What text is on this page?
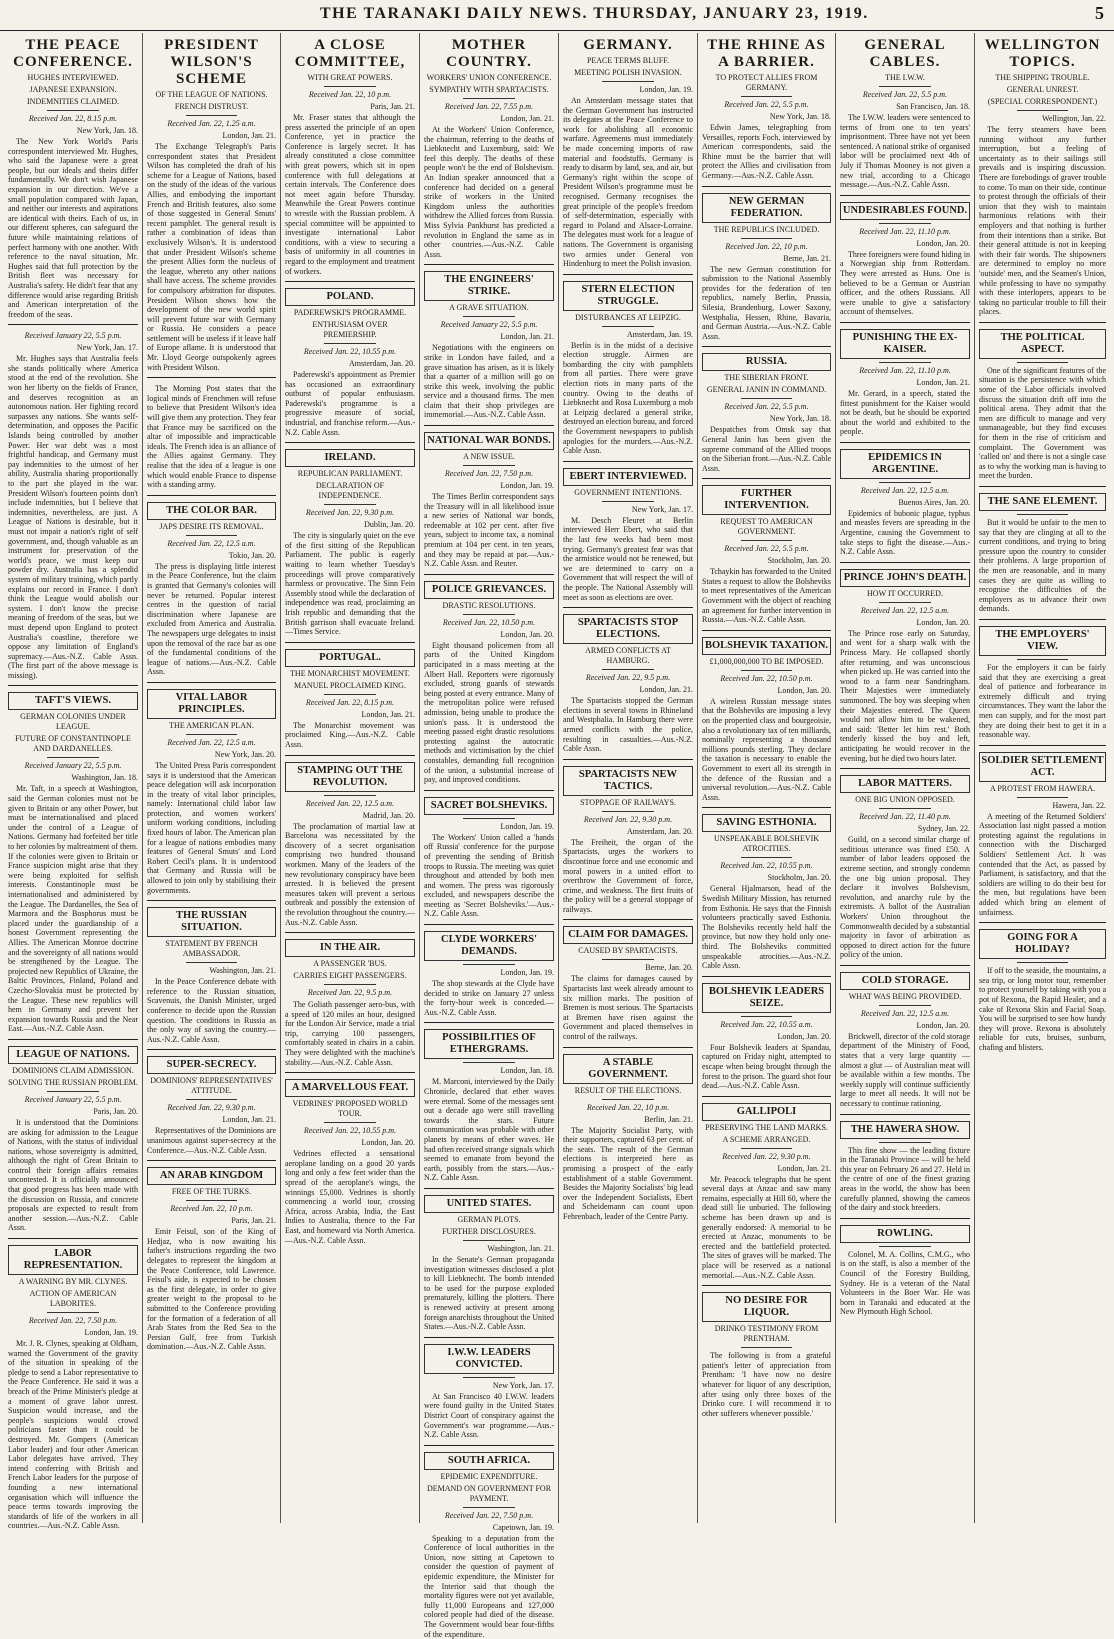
THE TARANAKI DAILY NEWS. THURSDAY, JANUARY 23, 1919.	5
THE PEACE CONFERENCE.
HUGHES INTERVIEWED.
JAPANESE EXPANSION.
INDEMNITIES CLAIMED.
Received Jan. 22, 8.15 p.m.
New York, Jan. 18.

The New York World's Paris correspondent interviewed Mr. Hughes, who said the Japanese were a great people, but our ideals and theirs differ fundamentally. We don't wish Japanese expansion in our direction. We've a small population compared with Japan, and neither our interests and aspirations are identical with theirs. Each of us, in our different spheres, can safeguard the future while maintaining relations of perfect harmony with one another. With reference to the naval situation, Mr. Hughes said that full protection by the British fleet was necessary for Australia's safety. He didn't fear that any difference would arise regarding British and American interpretation of the freedom of the seas.

Received January 22, 5.5 p.m.
New York, Jan. 17.

Mr. Hughes says that Australia feels she stands politically where America stood at the end of the revolution. She won her liberty on the fields of France, and deserves recognition as an autonomous nation. Her fighting record surpasses any nations. She wants self-determination, and opposes the Pacific Islands being controlled by another Power. Her war debt was a most frightful handicap, and Germany must pay indemnities to the utmost of her ability, Australia sharing proportionally to the part she played in the war. President Wilson's fourteen points don't include indemnities, but I believe that indemnities, nevertheless, are just. A League of Nations is desirable, but it must not impair a nation's right of self government, and, though valuable as an instrument for preservation of the world's peace, we must keep our powder dry. Australia has a splendid system of military training, which partly explains our record in France. I don't think the League would abolish our system. I don't know the precise meaning of freedom of the seas, but we must depend upon England to protect Australia's coastline, therefore we oppose any limitation of England's supremacy.—Aus.-N.Z. Cable Assn. (The first part of the above message is missing).

TAFT'S VIEWS.
GERMAN COLONIES UNDER LEAGUE.
FUTURE OF CONSTANTINOPLE AND DARDANELLES.
Received January 22, 5.5 p.m.
Washington, Jan. 18.

Mr. Taft, in a speech at Washington, said the German colonies must not be given to Britain or any other Power, but must be internationalised and placed under the control of a League of Nations. Germany had forfeited her title to her colonies by maltreatment of them. If the colonies were given to Britain or France suspicion might arise that they were being exploited for selfish interests. Constantinople must be internationalised and administered by the League. The Dardanelles, the Sea of Marmora and the Bosphorus must be placed under the guardianship of a honest Government representing the Allies. The American Monroe doctrine and the sovereignty of all nations would be strengthened by the League. The projected new Republics of Ukraine, the Baltic Provinces, Finland, Poland and Czecho-Slovakia must be protected by the League. These new republics will hem in Germany and prevent her expansion towards Russia and the Near East.—Aus.-N.Z. Cable Assn.

LEAGUE OF NATIONS.
DOMINIONS CLAIM ADMISSION.
SOLVING THE RUSSIAN PROBLEM.
Received January 22, 5.5 p.m.
Paris, Jan. 20.

It is understood that the Dominions are asking for admission to the League of Nations, with the status of individual nations, whose sovereignty is admitted, although the right of Great Britain to control their foreign affairs remains uncontested. It is officially announced that good progress has been made with the discussion on Russia, and concrete proposals are expected to result from another session.—Aus.-N.Z. Cable Assn.

LABOR REPRESENTATION.
A WARNING BY MR. CLYNES.
ACTION OF AMERICAN LABORITES.
Received Jan. 22, 7.50 p.m.
London, Jan. 19.

Mr. J. R. Clynes, speaking at Oldham, warned the Government of the gravity of the situation in speaking of the pledge to send a Labor representative to the Peace Conference. He said it was a breach of the Prime Minister's pledge at a moment of grave labor unrest. Suspicion would increase, and the people's suspicions would crowd politicians faster than it could be destroyed. Mr. Gompers (American Labor leader) and four other American Labor delegates have arrived. They intend conferring with British and French Labor leaders for the purpose of founding a new international organisation which will influence the peace terms towards improving the standards of life of the workers in all countries.—Aus.-N.Z. Cable Assn.

PRESIDENT WILSON'S SCHEME
OF THE LEAGUE OF NATIONS.
FRENCH DISTRUST.
Received Jan. 22, 1.25 a.m.
London, Jan. 21.

The Exchange Telegraph's Paris correspondent states that President Wilson has completed the draft of his scheme for a League of Nations, based on the study of the ideas of the various Allies, and embodying the important French and British features, also some of those suggested in General Smuts' recent pamphlet. The general result is rather a combination of ideas than exclusively Wilson's. It is understood that under President Wilson's scheme the present Allies form the nucleus of the league, whereto any other nations shall have access. The scheme provides for compulsory arbitration for disputes. President Wilson shows how the development of the new world spirit will prevent future war with Germany or Russia. He considers a peace settlement will be useless if it leave half of Europe aflame. It is understood that Mr. Lloyd George outspokenly agrees with President Wilson.

The Morning Post states that the logical minds of Frenchmen will refuse to believe that President Wilson's idea will give them any protection. They fear that France may be sacrificed on the altar of impossible and impracticable ideals. The French idea is an alliance of the Allies against Germany. They realise that the idea of a league is one which would enable France to dispense with a standing army.

THE COLOR BAR.
JAPS DESIRE ITS REMOVAL.
Received Jan. 22, 12.5 a.m.
Tokio, Jan. 20.

The press is displaying little interest in the Peace Conference, but the claim is granted that Germany's colonies will never be returned. Popular interest centres in the question of racial discrimination where Japanese are excluded from America and Australia. The newspapers urge delegates to insist upon the removal of the race bar as one of the fundamental conditions of the league of nations.—Aus.-N.Z. Cable Assn.

VITAL LABOR PRINCIPLES.
THE AMERICAN PLAN.
Received Jan. 22, 12.5 a.m.
New York, Jan. 20.

The United Press Paris correspondent says it is understood that the American peace delegation will ask incorporation in the treaty of vital labor principles, namely: International child labor law protection, and women workers' uniform working conditions, including fixed hours of labor. The American plan for a league of nations embodies many features of General Smuts' and Lord Robert Cecil's plans. It is understood that Germany and Russia will be allowed to join only by stabilising their governments.

THE RUSSIAN SITUATION.
STATEMENT BY FRENCH AMBASSADOR.
Washington, Jan. 21.

In the Peace Conference debate with reference to the Russian situation, Scavenuis, the Danish Minister, urged conference to decide upon the Russian question. The conditions in Russia as the only way of saving the country.—Aus.-N.Z. Cable Assn.

SUPER-SECRECY.
DOMINIONS' REPRESENTATIVES' ATTITUDE.
Received Jan. 22, 9.30 p.m.
London, Jan. 21.

Representatives of the Dominions are unanimous against super-secrecy at the Conference.—Aus.-N.Z. Cable Assn.

AN ARAB KINGDOM
FREE OF THE TURKS.
Received Jan. 22, 10 p.m.
Paris, Jan. 21.

Emir Feisul, son of the King of Hedjaz, who is now awaiting his father's instructions regarding the two delegates to represent the kingdom at the Peace Conference, told Lawrence. Feisul's aide, is expected to be chosen as the first delegate, in order to give greater weight to the proposal to be submitted to the Conference providing for the formation of a federation of all Arab States from the Red Sea to the Persian Gulf, free from Turkish domination.—Aus.-N.Z. Cable Assn.

A CLOSE COMMITTEE,
WITH GREAT POWERS.
Received Jan. 22, 10 p.m.
Paris, Jan. 21.

Mr. Fraser states that although the press asserted the principle of an open Conference, yet in practice the Conference is largely secret. It has already constituted a close committee with great powers, which sit in open conference with full delegations at certain intervals. The Conference does not meet again before Thursday. Meanwhile the Great Powers continue to wrestle with the Russian problem. A special committee will be appointed to investigate international Labor conditions, with a view to securing a basis of uniformity in all countries in regard to the employment and treatment of workers.

POLAND.
PADEREWSKI'S PROGRAMME.
ENTHUSIASM OVER PREMIERSHIP.
Received Jan. 22, 10.55 p.m.
Amsterdam, Jan. 20.

Paderewski's appointment as Premier has occasioned an extraordinary outburst of popular enthusiasm. Paderewski's programme is a progressive measure of social, industrial, and franchise reform.—Aus.-N.Z. Cable Assn.

IRELAND.
REPUBLICAN PARLIAMENT.
DECLARATION OF INDEPENDENCE.
Received Jan. 22, 9.30 p.m.
Dublin, Jan. 20.

The city is singularly quiet on the eve of the first sitting of the Republican Parliament. The public is eagerly waiting to learn whether Tuesday's proceedings will prove comparatively harmless or provocative. The Sinn Fein Assembly stood while the declaration of independence was read, proclaiming an Irish republic and demanding that the British garrison shall evacuate Ireland.—Times Service.

PORTUGAL.
THE MONARCHIST MOVEMENT.
MANUEL PROCLAIMED KING.
Received Jan. 22, 8.15 p.m.
London, Jan. 21.

The Monarchist movement was proclaimed King.—Aus.-N.Z. Cable Assn.

STAMPING OUT THE REVOLUTION.
Received Jan. 22, 12.5 a.m.
Madrid, Jan. 20.

The proclamation of martial law at Barcelona was necessitated by the discovery of a secret organisation comprising two hundred thousand workmen. Many of the leaders of the new revolutionary conspiracy have been arrested. It is believed the present measures taken will prevent a serious outbreak and possibly the extension of the revolution throughout the country.—Aus.-N.Z. Cable Assn.

IN THE AIR.
A PASSENGER 'BUS.
CARRIES EIGHT PASSENGERS.
Received Jan. 22, 9.5 p.m.

The Goliath passenger aero-bus, with a speed of 120 miles an hour, designed for the London Air Service, made a trial trip, carrying 100 passengers, comfortably seated in chairs in a cabin. They were delighted with the machine's stability.—Aus.-N.Z. Cable Assn.

A MARVELLOUS FEAT.
VEDRINES' PROPOSED WORLD TOUR.
Received Jan. 22, 10.55 p.m.
London, Jan. 20.

Vedrines effected a sensational aeroplane landing on a good 20 yards long and only a few feet wider than the spread of the aeroplane's wings, the winnings £5,000. Vedrines is shortly commencing a world tour, crossing Africa, across Arabia, India, the East Indies to Australia, thence to the Far East, and homeward via North America.—Aus.-N.Z. Cable Assn.

MOTHER COUNTRY.
WORKERS' UNION CONFERENCE.
SYMPATHY WITH SPARTACISTS.
Received Jan. 22, 7.55 p.m.
London, Jan. 21.

At the Workers' Union Conference, the chairman, referring to the deaths of Liebknecht and Luxemburg, said: We feel this deeply. The deaths of these people won't be the end of Bolshevism. An Indian speaker announced that a conference had decided on a general strike of workers in the United Kingdom unless the authorities withdrew the Allied forces from Russia. Miss Sylvia Pankhurst has predicted a revolution in England the same as in other countries.—Aus.-N.Z. Cable Assn.

THE ENGINEERS' STRIKE.
A GRAVE SITUATION.
Received January 22, 5.5 p.m.
London, Jan. 21.

Negotiations with the engineers on strike in London have failed, and a grave situation has arisen, as it is likely that a quarter of a million will go on strike this week, involving the public service and a thousand firms. The men claim that their shop privileges are immemorial.—Aus.-N.Z. Cable Assn.

NATIONAL WAR BONDS.
A NEW ISSUE.
Received Jan. 22, 7.50 p.m.
London, Jan. 19.

The Times Berlin correspondent says the Treasury will in all likelihood issue a new series of National war bonds, redeemable at 102 per cent. after five years, subject to income tax, a nominal premium at 104 per cent. in ten years, and they may be repaid at par.—Aus.-N.Z. Cable Assn. and Reuter.

POLICE GRIEVANCES.
DRASTIC RESOLUTIONS.
Received Jan. 22, 10.50 p.m.
London, Jan. 20.

Eight thousand policemen from all parts of the United Kingdom participated in a mass meeting at the Albert Hall. Reporters were rigorously excluded, strong guards of stewards being posted at every entrance. Many of the metropolitan police were refused admission, being unable to produce the union's pass. It is understood the meeting passed eight drastic resolutions protesting against the autocratic methods and victimisation by the chief constables, demanding full recognition of the union, a substantial increase of pay, and improved conditions.

SACRET BOLSHEVIKS.
London, Jan. 19.

The Workers' Union called a 'hands off Russia' conference for the purpose of preventing the sending of British troops to Russia. The meeting was quiet throughout and attended by both men and women. The press was rigorously excluded, and newspapers describe the meeting as 'Secret Bolsheviks.'—Aus.-N.Z. Cable Assn.

CLYDE WORKERS' DEMANDS.
London, Jan. 19.

The shop stewards at the Clyde have decided to strike on January 27 unless the forty-hour week is conceded.—Aus.-N.Z. Cable Assn.

POSSIBILITIES OF ETHERGRAMS.
London, Jan. 18.

M. Marconi, interviewed by the Daily Chronicle, declared that ether waves were eternal. Some of the messages sent out a decade ago were still travelling towards the stars. Future communication was probable with other planets by means of ether waves. He had often received strange signals which seemed to emanate from beyond the earth, possibly from the stars.—Aus.-N.Z. Cable Assn.

UNITED STATES.
GERMAN PLOTS.
FURTHER DISCLOSURES.
Washington, Jan. 21.

In the Senate's German propaganda investigation witnesses disclosed a plot to kill Liebknecht. The bomb intended to be used for the purpose exploded prematurely, killing the plotters. There is renewed activity at present among foreign anarchists throughout the United States.—Aus.-N.Z. Cable Assn.

I.W.W. LEADERS CONVICTED.
New York, Jan. 17.

At San Francisco 40 I.W.W. leaders were found guilty in the United States District Court of conspiracy against the Government's war programme.—Aus.-N.Z. Cable Assn.

SOUTH AFRICA.
EPIDEMIC EXPENDITURE.
DEMAND ON GOVERNMENT FOR PAYMENT.
Received Jan. 22, 7.50 p.m.
Capetown, Jan. 19.

Speaking to a deputation from the Conference of local authorities in the Union, now sitting at Capetown to consider the question of payment of epidemic expenditure, the Minister for the Interior said that though the mortality figures were not yet available, fully 11,000 Europeans and 127,000 colored people had died of the disease. The Government would bear four-fifths of the expenditure.

GERMANY.
PEACE TERMS BLUFF.
MEETING POLISH INVASION.
London, Jan. 19.

An Amsterdam message states that the German Government has instructed its delegates at the Peace Conference to work for abolishing all economic warfare. Agreements must immediately be made concerning imports of raw material and foodstuffs. Germany is ready to disarm by land, sea, and air, but Germany's right within the scope of President Wilson's programme must be recognised. Germany recognises the great principle of the people's freedom of self-determination, especially with regard to Poland and Alsace-Lorraine. The delegates must work for a league of nations. The Government is organising two armies under General von Hindenburg to meet the Polish invasion.

STERN ELECTION STRUGGLE.
DISTURBANCES AT LEIPZIG.
Amsterdam, Jan. 19.

Berlin is in the midst of a decisive election struggle. Airmen are bombarding the city with pamphlets from all parties. There were grave election riots in many parts of the country. Owing to the deaths of Liebknecht and Rosa Luxemburg a mob at Leipzig declared a general strike, destroyed an election bureau, and forced the Government newspapers to publish apologies for the murders.—Aus.-N.Z. Cable Assn.

EBERT INTERVIEWED.
GOVERNMENT INTENTIONS.
New York, Jan. 17.

M. Desch Fleuret at Berlin interviewed Herr Ebert, who said that the last few weeks had been most trying. Germany's greatest fear was that the armistice would not be renewed, but we are determined to carry on a Government that will respect the will of the people. The National Assembly will meet as soon as elections are over.

SPARTACISTS STOP ELECTIONS.
ARMED CONFLICTS AT HAMBURG.
Received Jan. 22, 9.5 p.m.
London, Jan. 21.

The Spartacists stopped the German elections in several towns in Rhineland and Westphalia. In Hamburg there were armed conflicts with the police, resulting in casualties.—Aus.-N.Z. Cable Assn.

SPARTACISTS NEW TACTICS.
STOPPAGE OF RAILWAYS.
Received Jan. 22, 9.30 p.m.
Amsterdam, Jan. 20.

The Freiheit, the organ of the Spartacists, urges the workers to discontinue force and use economic and moral powers in a united effort to overthrow the Government of force, crime, and weakness. The first fruits of the policy will be a general stoppage of railways.

CLAIM FOR DAMAGES.
CAUSED BY SPARTACISTS.
Berne, Jan. 20.

The claims for damages caused by Spartacists last week already amount to six million marks. The position of Bremen is most serious. The Spartacists at Bremen have risen against the Government and placed themselves in control of the railways.

A STABLE GOVERNMENT.
RESULT OF THE ELECTIONS.
Received Jan. 22, 10 p.m.
Berlin, Jan. 21.

The Majority Socialist Party, with their supporters, captured 63 per cent. of the seats. The result of the German elections is interpreted here as promising a prospect of the early establishment of a stable Government. Besides the Majority Socialists' big lead over the Independent Socialists, Ebert and Scheidemann can count upon Fehrenbach, leader of the Centre Party.

THE RHINE AS A BARRIER.
TO PROTECT ALLIES FROM GERMANY.
Received Jan. 22, 5.5 p.m.
New York, Jan. 18.

Edwin James, telegraphing from Versailles, reports Foch, interviewed by American correspondents, said the Rhine must be the barrier that will protect the Allies and civilisation from Germany.—Aus.-N.Z. Cable Assn.

NEW GERMAN FEDERATION.
THE REPUBLICS INCLUDED.
Received Jan. 22, 10 p.m.
Berne, Jan. 21.

The new German constitution for submission to the National Assembly provides for the federation of ten republics, namely Berlin, Prussia, Silesia, Brandenburg, Lower Saxony, Westphalia, Hessen, Rhine, Bavaria, and German Austria.—Aus.-N.Z. Cable Assn.

RUSSIA.
THE SIBERIAN FRONT.
GENERAL JANIN IN COMMAND.
Received Jan. 22, 5.5 p.m.
New York, Jan. 18.

Despatches from Omsk say that General Janin has been given the supreme command of the Allied troops on the Siberian front.—Aus.-N.Z. Cable Assn.

FURTHER INTERVENTION.
REQUEST TO AMERICAN GOVERNMENT.
Received Jan. 22, 5.5 p.m.
Stockholm, Jan. 20.

Tchaykin has forwarded to the United States a request to allow the Bolsheviks to meet representatives of the American Government with the object of reaching an agreement for further intervention in Russia.—Aus.-N.Z. Cable Assn.

BOLSHEVIK TAXATION.
£1,000,000,000 TO BE IMPOSED.
Received Jan. 22, 10.50 p.m.
London, Jan. 20.

A wireless Russian message states that the Bolsheviks are imposing a levy on the propertied class and bourgeoisie, also a revolutionary tax of ten milliards, nominally representing a thousand millions pounds sterling. They declare the taxation is necessary to enable the Government to exert all its strength in the defence of the Russian and a universal revolution.—Aus.-N.Z. Cable Assn.

SAVING ESTHONIA.
UNSPEAKABLE BOLSHEVIK ATROCITIES.
Received Jan. 22, 10.55 p.m.
Stockholm, Jan. 20.

General Hjalmarson, head of the Swedish Military Mission, has returned from Esthonia. He says that the Finnish volunteers practically saved Esthonia. The Bolsheviks recently held half the province, but now they hold only one-third. The Bolsheviks committed unspeakable atrocities.—Aus.-N.Z. Cable Assn.

BOLSHEVIK LEADERS SEIZE.
Received Jan. 22, 10.55 a.m.
London, Jan. 20.

Four Bolshevik leaders at Spandau, captured on Friday night, attempted to escape when being brought through the forest to the prison. The guard shot four dead.—Aus.-N.Z. Cable Assn.

GALLIPOLI
PRESERVING THE LAND MARKS.
A SCHEME ARRANGED.
Received Jan. 22, 9.30 p.m.
London, Jan. 21.

Mr. Peacock telegraphs that he spent several days at Anzac and saw many remains, especially at Hill 60, where the dead still lie unburied. The following scheme has been drawn up and is generally endorsed: A memorial to be erected at Anzac, monuments to be erected and the battlefield protected. The sites of graves will be marked. The place will be reserved as a national memorial.—Aus.-N.Z. Cable Assn.

NO DESIRE FOR LIQUOR.
DRINKO TESTIMONY FROM PRENTHAM.

The following is from a grateful patient's letter of appreciation from Prentham: 'I have now no desire whatever for liquor of any description, after using only three boxes of the Drinko cure. I will recommend it to other sufferers whenever possible.'

GENERAL CABLES.
THE I.W.W.
Received Jan. 22, 5.5 p.m.
San Francisco, Jan. 18.

The I.W.W. leaders were sentenced to terms of from one to ten years' imprisonment. Three have not yet been sentenced. A national strike of organised labor will be proclaimed next 4th of July if Thomas Mooney is not given a new trial, according to a Chicago message.—Aus.-N.Z. Cable Assn.

UNDESIRABLES FOUND.
Received Jan. 22, 11.10 p.m.
London, Jan. 20.

Three foreigners were found hiding in a Norwegian ship from Rotterdam. They were arrested as Huns. One is believed to be a German or Austrian officer, and the others Russians. All were unable to give a satisfactory account of themselves.

PUNISHING THE EX-KAISER.
Received Jan. 22, 11.10 p.m.
London, Jan. 21.

Mr. Gerard, in a speech, stated the fittest punishment for the Kaiser would not be death, but he should be exported about the world and exhibited to the people.

EPIDEMICS IN ARGENTINE.
Received Jan. 22, 12.5 a.m.
Buenos Aires, Jan. 20.

Epidemics of bubonic plague, typhus and measles fevers are spreading in the Argentine, causing the Government to take steps to fight the disease.—Aus.-N.Z. Cable Assn.

PRINCE JOHN'S DEATH.
HOW IT OCCURRED.
Received Jan. 22, 12.5 a.m.
London, Jan. 20.

The Prince rose early on Saturday, and went for a sharp walk with the Princess Mary. He collapsed shortly after returning, and was unconscious when picked up. He was carried into the wood to a farm near Sandringham. Their Majesties were immediately summoned. The boy was sleeping when their Majesties entered. The Queen would not allow him to be wakened, and said: 'Better let him rest.' Both tenderly kissed the boy and left, anticipating he would recover in the evening, but he died two hours later.

LABOR MATTERS.
ONE BIG UNION OPPOSED.
Received Jan. 22, 11.40 p.m.
Sydney, Jan. 22.

Guild, on a second similar charge of seditious utterance was fined £50. A number of labor leaders opposed the extreme section, and strongly condemn the one big union proposal. They declare it involves Bolshevism, revolution, and anarchy rule by the extremists. A ballot of the Australian Workers' Union throughout the Commonwealth decided by a substantial majority in favor of arbitration as opposed to direct action for the future policy of the union.

COLD STORAGE.
WHAT WAS BEING PROVIDED.
Received Jan. 22, 12.5 a.m.
London, Jan. 20.

Brickwell, director of the cold storage department of the Ministry of Food, states that a very large quantity — almost a glut — of Australian meat will be available within a few months. The weekly supply will continue sufficiently large to meet all needs. It will not be necessary to continue rationing.

THE HAWERA SHOW.

This fine show — the leading fixture in the Taranaki Province — will be held this year on February 26 and 27. Held in the centre of one of the finest grazing areas in the world, the show has been carefully planned, showing the cameos of the dairy and stock breeders.

ROWLING.

Colonel, M. A. Collins, C.M.G., who is on the staff, is also a member of the Council of the Forestry Building, Sydney. He is a veteran of the Natal Volunteers in the Boer War. He was born in Taranaki and educated at the New Plymouth High School.

WELLINGTON TOPICS.
THE SHIPPING TROUBLE.
GENERAL UNREST.
(SPECIAL CORRESPONDENT.)
Wellington, Jan. 22.

The ferry steamers have been running without any further interruption, but a feeling of uncertainty as to their sailings still prevails and is inspiring discussion. There are forebodings of graver trouble to come. To man on their side, continue to protest through the officials of their union that they wish to maintain harmonious relations with their employers and that nothing is further from their intentions than a strike. But their general attitude is not in keeping with their fair words. The shipowners are determined to employ no more 'outside' men, and the Seamen's Union, while professing to have no sympathy with these interlopers, appears to be taking no particular trouble to fill their places.

THE POLITICAL ASPECT.

One of the significant features of the situation is the persistence with which some of the Labor officials involved discuss the situation drift off into the political arena. They admit that the men are difficult to manage and very unmanageable, but they find excuses for them in the rise of criticism and complaint. The Government was 'called on' and there is not a single case as to why the working man is having to meet the burden.

THE SANE ELEMENT.

But it would be unfair to the men to say that they are clinging at all to the current conditions, and trying to bring pressure upon the country to consider their problems. A large proportion of the men are reasonable, and in many cases they are quite as willing to recognise the difficulties of the employers as to advance their own demands.

THE EMPLOYERS' VIEW.

For the employers it can be fairly said that they are exercising a great deal of patience and forbearance in extremely difficult and trying circumstances. They want the labor the men can supply, and for the most part they are doing their best to get it in a reasonable way.

SOLDIER SETTLEMENT ACT.
A PROTEST FROM HAWERA.
Hawera, Jan. 22.

A meeting of the Returned Soldiers' Association last night passed a motion protesting against the regulations in connection with the Discharged Soldiers' Settlement Act. It was contended that the Act, as passed by Parliament, is satisfactory, and that the soldiers are willing to do their best for the men, but regulations have been added which bring an element of unfairness.

GOING FOR A HOLIDAY?

If off to the seaside, the mountains, a sea trip, or long motor tour, remember to protect yourself by taking with you a pot of Rexona, the Rapid Healer, and a cake of Rexona Skin and Facial Soap. You will be surprised to see how handy they will prove. Rexona is absolutely reliable for cuts, bruises, sunburn, chafing and blisters.
